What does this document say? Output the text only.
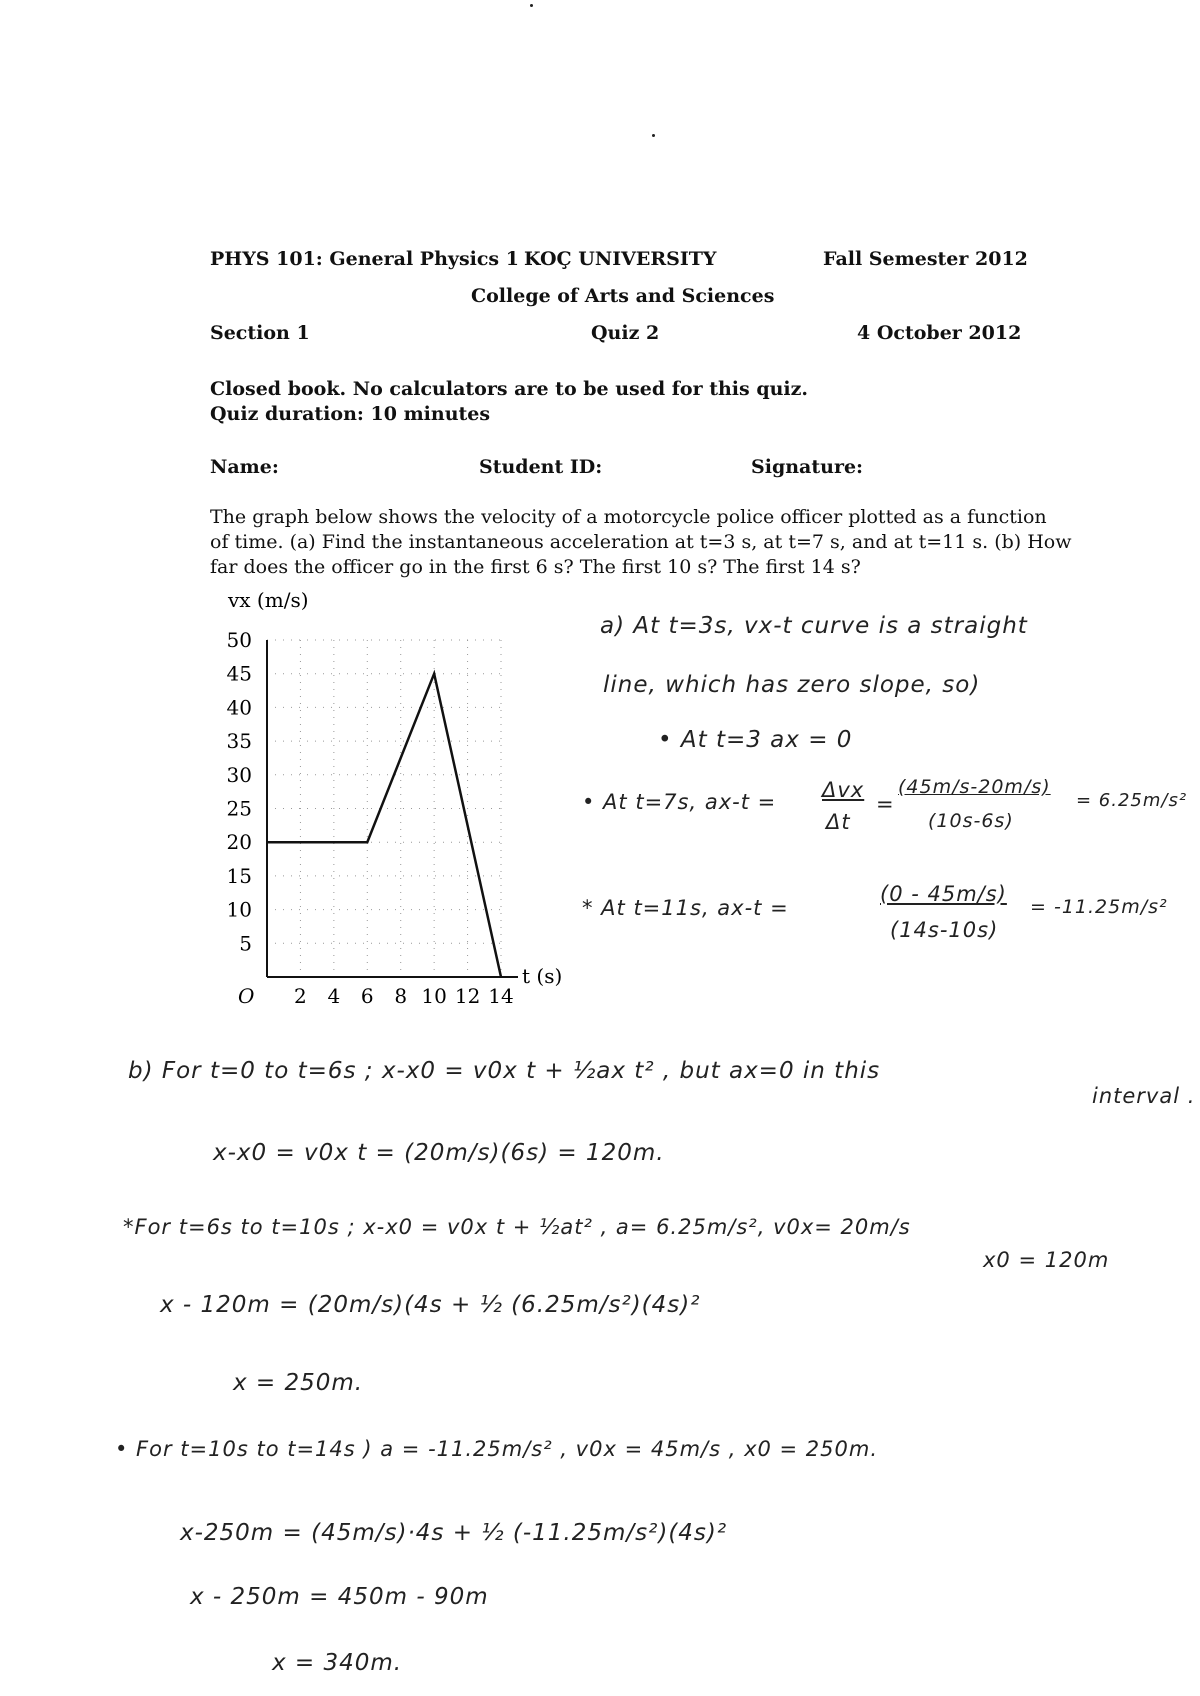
PHYS 101: General Physics 1 KOÇ UNIVERSITY	Fall Semester 2012
College of Arts and Sciences
Section 1	Quiz 2	4 October 2012
Closed book. No calculators are to be used for this quiz.
Quiz duration: 10 minutes
Name:	Student ID:	Signature:
The graph below shows the velocity of a motorcycle police officer plotted as a function
of time. (a) Find the instantaneous acceleration at t=3 s, at t=7 s, and at t=11 s. (b) How
far does the officer go in the first 6 s? The first 10 s? The first 14 s?
vx (m/s)
t (s)
O
5
10
15
20
25
30
35
40
45
50
2 4 6 8 10 12 14
a) At t=3s, vx-t curve is a straight
line, which has zero slope, so)
• At t=3 ax = 0
• At t=7s, ax-t = Δvx
Δt
=
(45m/s-20m/s)
(10s-6s)
= 6.25m/s²
* At t=11s, ax-t =
(0 - 45m/s)
(14s-10s)
= -11.25m/s²
b) For t=0 to t=6s ; x-x0 = v0x t + ½ax t² , but ax=0 in this
interval .
x-x0 = v0x t = (20m/s)(6s) = 120m.
*For t=6s to t=10s ; x-x0 = v0x t + ½at² , a= 6.25m/s², v0x= 20m/s
x0 = 120m
x - 120m = (20m/s)(4s + ½ (6.25m/s²)(4s)²
x = 250m.
• For t=10s to t=14s ) a = -11.25m/s² , v0x = 45m/s , x0 = 250m.
x-250m = (45m/s)·4s + ½ (-11.25m/s²)(4s)²
x - 250m = 450m - 90m
x = 340m.
